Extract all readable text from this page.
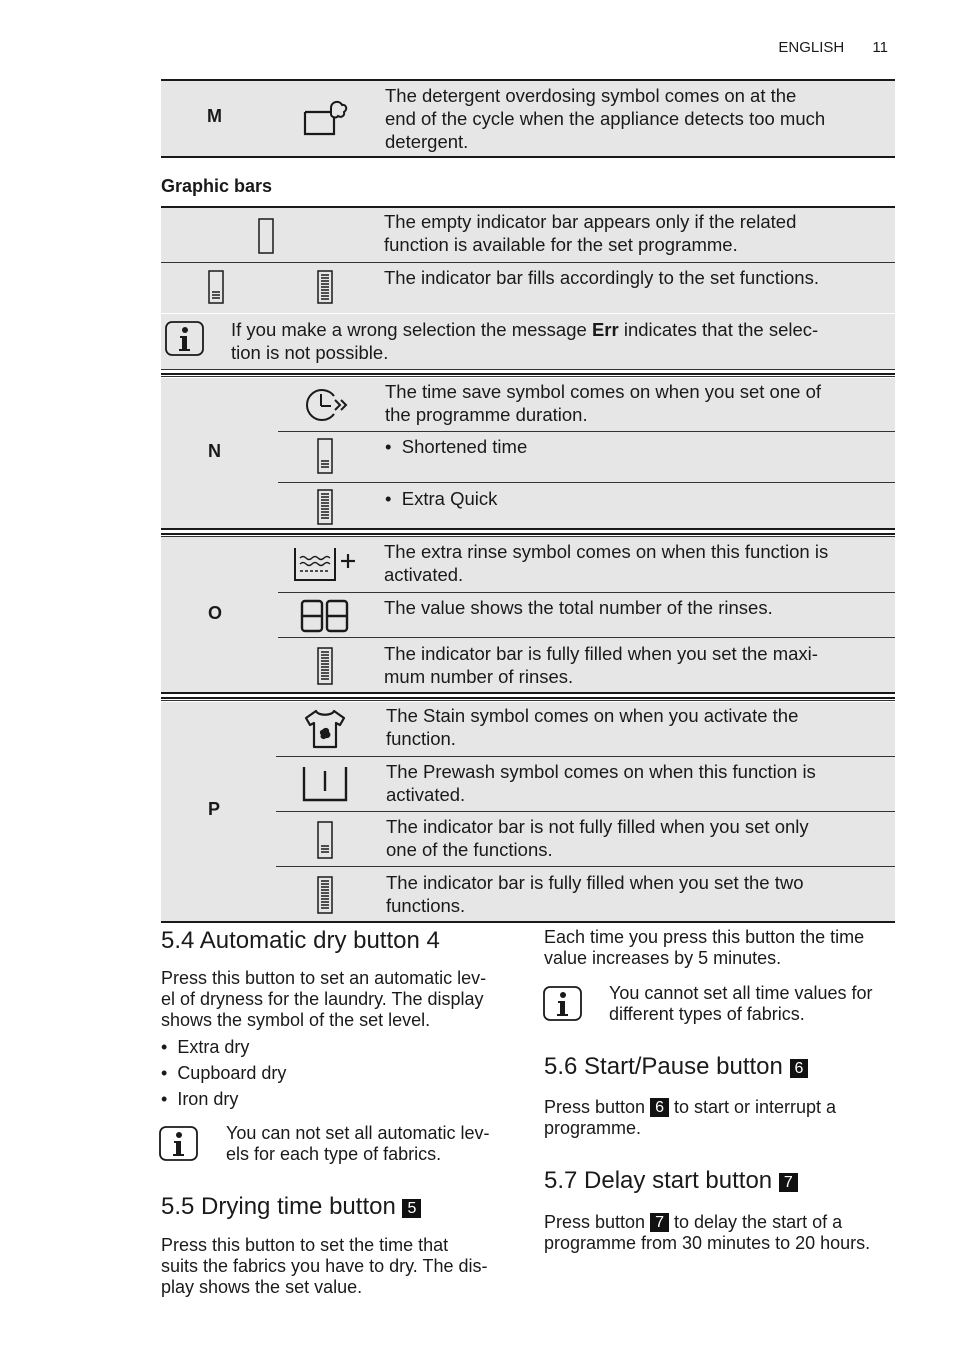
ENGLISH 11
M
The detergent overdosing symbol comes on at the
end of the cycle when the appliance detects too much
detergent.
Graphic bars
The empty indicator bar appears only if the related
function is available for the set programme.
The indicator bar fills accordingly to the set functions.
If you make a wrong selection the message Err indicates that the selec-
tion is not possible.
N
The time save symbol comes on when you set one of
the programme duration.
•  Shortened time
•  Extra Quick
O
The extra rinse symbol comes on when this function is
activated.
The value shows the total number of the rinses.
The indicator bar is fully filled when you set the maxi-
mum number of rinses.
P
The Stain symbol comes on when you activate the
function.
The Prewash symbol comes on when this function is
activated.
The indicator bar is not fully filled when you set only
one of the functions.
The indicator bar is fully filled when you set the two
functions.
5.4 Automatic dry button 4
Press this button to set an automatic lev-
el of dryness for the laundry. The display
shows the symbol of the set level.
•  Extra dry
•  Cupboard dry
•  Iron dry
You can not set all automatic lev-
els for each type of fabrics.
5.5 Drying time button 5
Press this button to set the time that
suits the fabrics you have to dry. The dis-
play shows the set value.
Each time you press this button the time
value increases by 5 minutes.
You cannot set all time values for
different types of fabrics.
5.6 Start/Pause button 6
Press button 6 to start or interrupt a
programme.
5.7 Delay start button 7
Press button 7 to delay the start of a
programme from 30 minutes to 20 hours.
